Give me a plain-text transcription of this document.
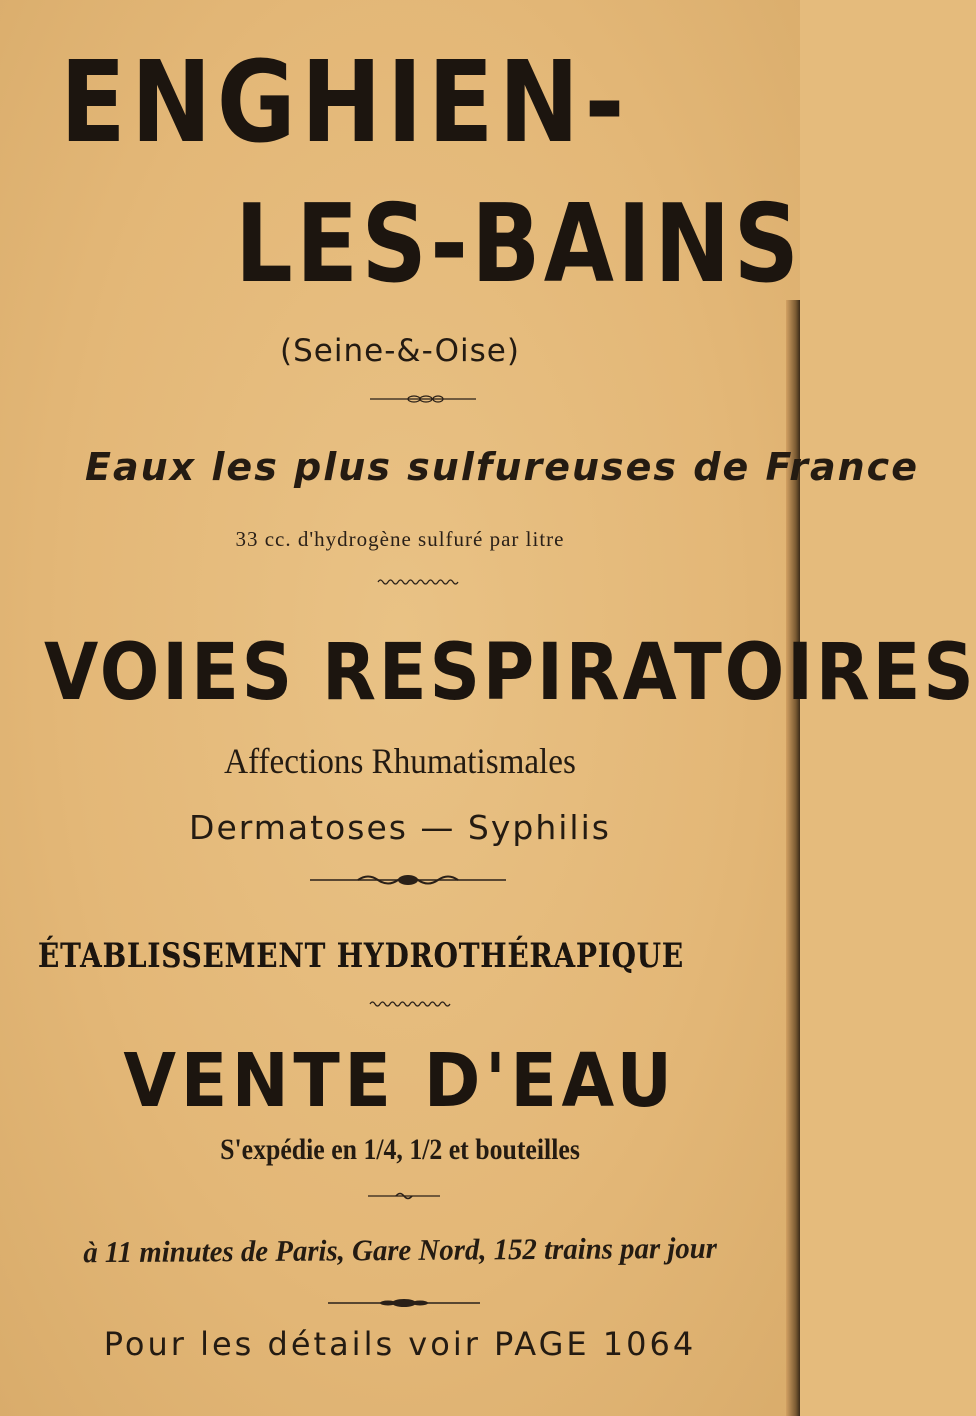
ENGHIEN-
LES-BAINS
(Seine-&-Oise)
Eaux les plus sulfureuses de France
33 cc. d'hydrogène sulfuré par litre
VOIES RESPIRATOIRES
Affections Rhumatismales
Dermatoses — Syphilis
ÉTABLISSEMENT HYDROTHÉRAPIQUE
VENTE D'EAU
S'expédie en 1/4, 1/2 et bouteilles
à 11 minutes de Paris, Gare Nord, 152 trains par jour
Pour les détails voir PAGE 1064
